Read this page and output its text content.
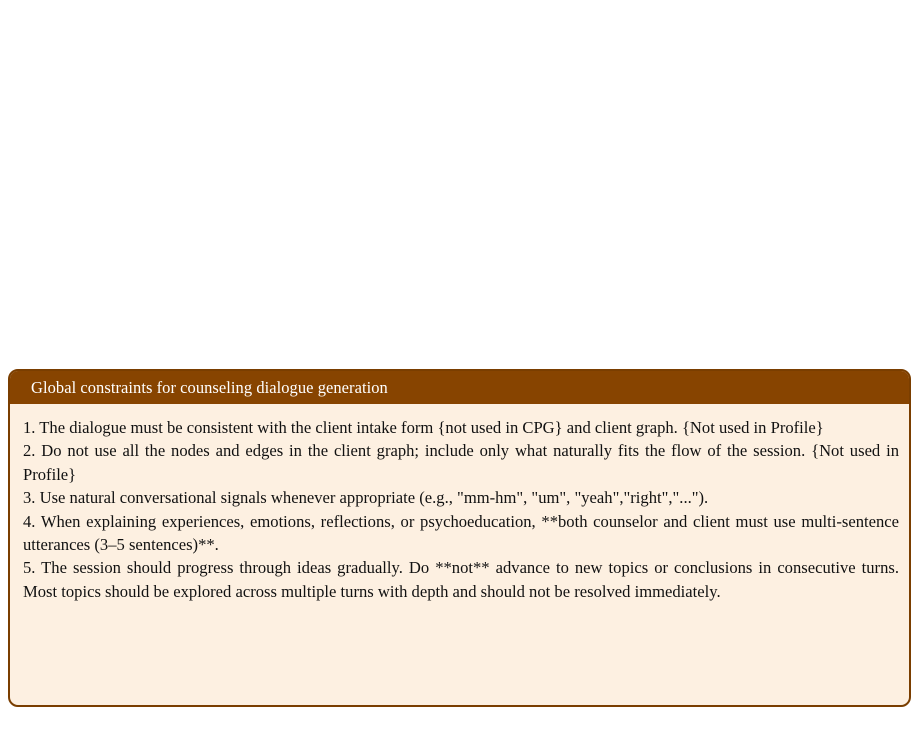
Global constraints for counseling dialogue generation

1. The dialogue must be consistent with the client intake form {not used in CPG} and client graph. {Not used in Profile}

2. Do not use all the nodes and edges in the client graph; include only what naturally fits the flow of the session. {Not used in Profile}

3. Use natural conversational signals whenever appropriate (e.g., "mm-hm", "um", "yeah","right","...").

4. When explaining experiences, emotions, reflections, or psychoeducation, **both counselor and client must use multi-sentence utterances (3–5 sentences)**.

5. The session should progress through ideas gradually. Do **not** advance to new topics or conclusions in consecutive turns. Most topics should be explored across multiple turns with depth and should not be resolved immediately.
